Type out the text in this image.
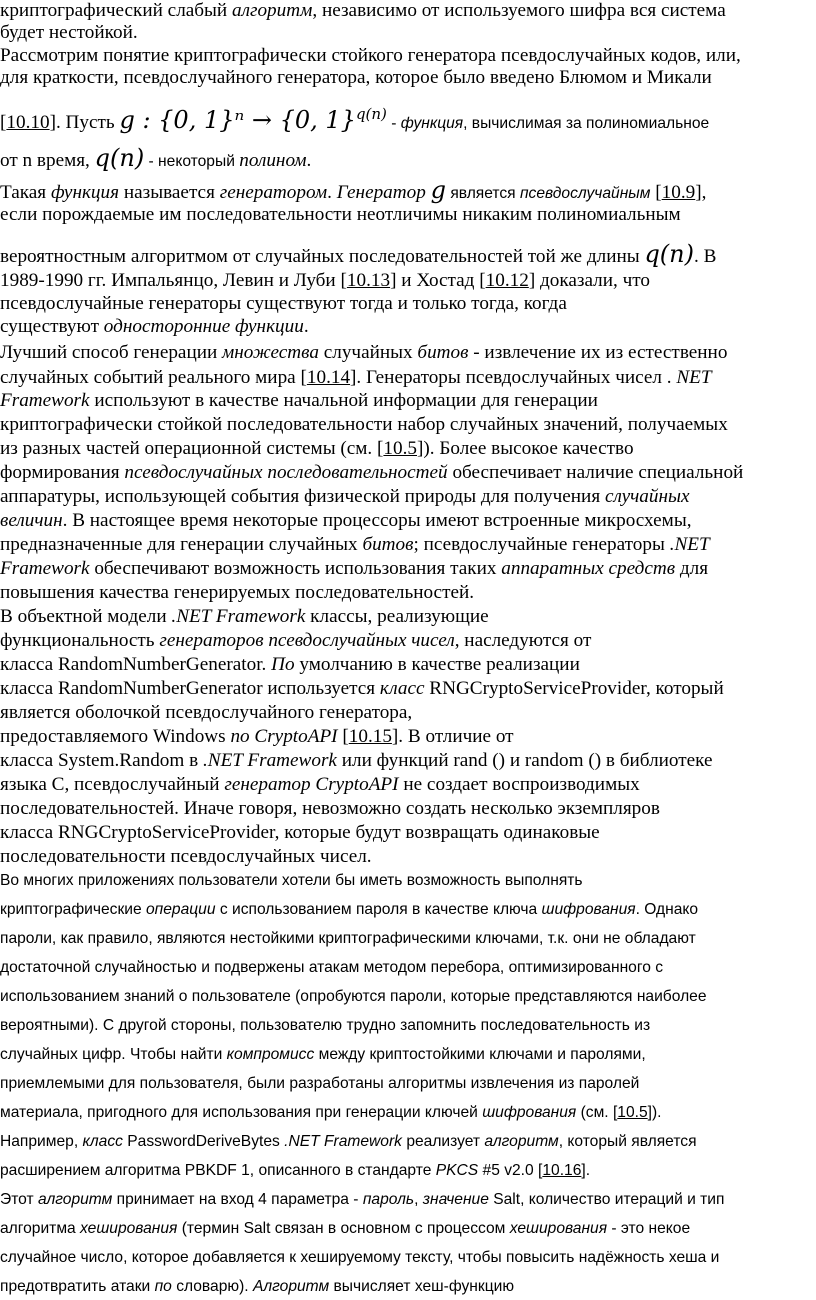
криптографический слабый алгоритм, независимо от используемого шифра вся система
будет нестойкой.
Рассмотрим понятие криптографически стойкого генератора псевдослучайных кодов, или,
для краткости, псевдослучайного генератора, которое было введено Блюмом и Микали
[10.10]. Пусть g : {0, 1}ⁿ → {0, 1}$^{q(n)}$ - функция, вычислимая за полиномиальное
от n время, q(n) - некоторый полином.
Такая функция называется генератором. Генератор g является псевдослучайным [10.9],
если порождаемые им последовательности неотличимы никаким полиномиальным
вероятностным алгоритмом от случайных последовательностей той же длины q(n). В
1989-1990 гг. Импальянцо, Левин и Луби [10.13] и Хостад [10.12] доказали, что
псевдослучайные генераторы существуют тогда и только тогда, когда
существуют односторонние функции.
Лучший способ генерации множества случайных битов - извлечение их из естественно
случайных событий реального мира [10.14]. Генераторы псевдослучайных чисел . NET
Framework используют в качестве начальной информации для генерации
криптографически стойкой последовательности набор случайных значений, получаемых
из разных частей операционной системы (см. [10.5]). Более высокое качество
формирования псевдослучайных последовательностей обеспечивает наличие специальной
аппаратуры, использующей события физической природы для получения случайных
величин. В настоящее время некоторые процессоры имеют встроенные микросхемы,
предназначенные для генерации случайных битов; псевдослучайные генераторы .NET
Framework обеспечивают возможность использования таких аппаратных средств для
повышения качества генерируемых последовательностей.
В объектной модели .NET Framework классы, реализующие
функциональность генераторов псевдослучайных чисел, наследуются от
класса RandomNumberGenerator. По умолчанию в качестве реализации
класса RandomNumberGenerator используется класс RNGCryptoServiceProvider, который
является оболочкой псевдослучайного генератора,
предоставляемого Windows по CryptoAPI [10.15]. В отличие от
класса System.Random в .NET Framework или функций rand () и random () в библиотеке
языка C, псевдослучайный генератор CryptoAPI не создает воспроизводимых
последовательностей. Иначе говоря, невозможно создать несколько экземпляров
класса RNGCryptoServiceProvider, которые будут возвращать одинаковые
последовательности псевдослучайных чисел.
Во многих приложениях пользователи хотели бы иметь возможность выполнять
криптографические операции с использованием пароля в качестве ключа шифрования. Однако
пароли, как правило, являются нестойкими криптографическими ключами, т.к. они не обладают
достаточной случайностью и подвержены атакам методом перебора, оптимизированного с
использованием знаний о пользователе (опробуются пароли, которые представляются наиболее
вероятными). С другой стороны, пользователю трудно запомнить последовательность из
случайных цифр. Чтобы найти компромисс между криптостойкими ключами и паролями,
приемлемыми для пользователя, были разработаны алгоритмы извлечения из паролей
материала, пригодного для использования при генерации ключей шифрования (см. [10.5]).
Например, класс PasswordDeriveBytes .NET Framework реализует алгоритм, который является
расширением алгоритма PBKDF 1, описанного в стандарте PKCS #5 v2.0 [10.16].
Этот алгоритм принимает на вход 4 параметра - пароль, значение Salt, количество итераций и тип
алгоритма хеширования (термин Salt связан в основном с процессом хеширования - это некое
случайное число, которое добавляется к хешируемому тексту, чтобы повысить надёжность хеша и
предотвратить атаки по словарю). Алгоритм вычисляет хеш-функцию
